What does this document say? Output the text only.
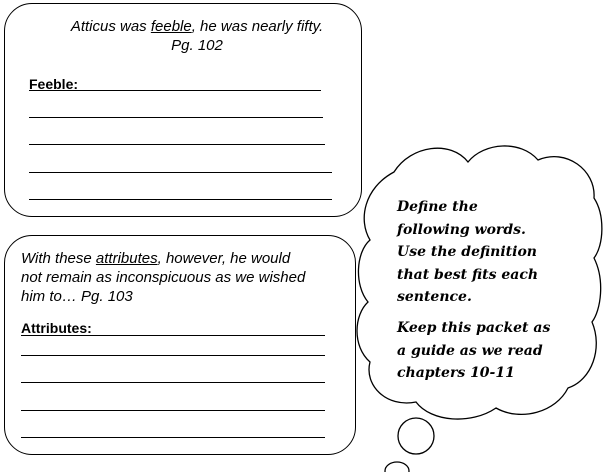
Atticus was feeble, he was nearly fifty.
Pg. 102
Feeble:
With these attributes, however, he would
not remain as inconspicuous as we wished
him to… Pg. 103
Attributes:
Define the
following words.
Use the definition
that best fits each
sentence.
Keep this packet as
a guide as we read
chapters 10-11
